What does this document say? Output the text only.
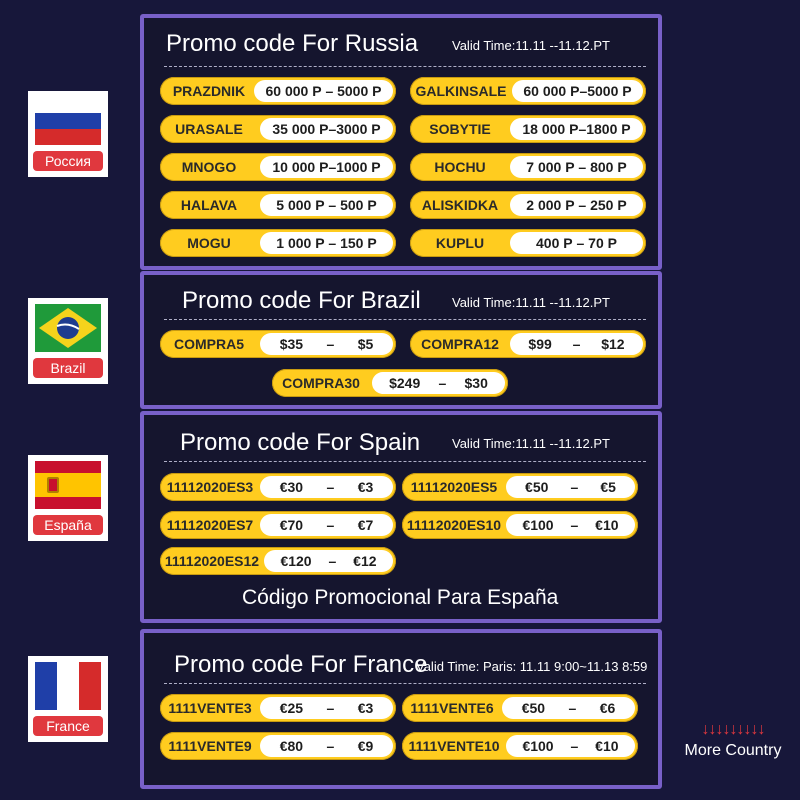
Россия
Brazil
España
France
Promo code For Russia	Valid Time:11.11 --11.12.PT
PRAZDNIK	60 000 Р – 5000 Р	GALKINSALE	60 000 Р–5000 Р
URASALE	35 000 Р–3000 Р	SOBYTIE	18 000 Р–1800 Р
MNOGO	10 000 Р–1000 Р	HOCHU	7 000 Р – 800 Р
HALAVA	5 000 Р – 500 Р	ALISKIDKA	2 000 Р – 250 Р
MOGU	1 000 Р – 150 Р	KUPLU	400 Р – 70 Р
Promo code For Brazil Valid Time:11.11 --11.12.PT
COMPRA5	$35 – $5	COMPRA12	$99 – $12
COMPRA30	$249 – $30
Promo code For Spain Valid Time:11.11 --11.12.PT
11112020ES3	€30 – €3	11112020ES5	€50 – €5
11112020ES7	€70 – €7	11112020ES10	€100 – €10
11112020ES12	€120 – €12
Código Promocional Para España
Promo code For France
Valid Time: Paris: 11.11 9:00~11.13 8:59
1111VENTE3	€25 – €3	1111VENTE6	€50 – €6
1111VENTE9	€80 – €9	1111VENTE10	€100 – €10
↓↓↓↓↓↓↓↓↓
More Country
